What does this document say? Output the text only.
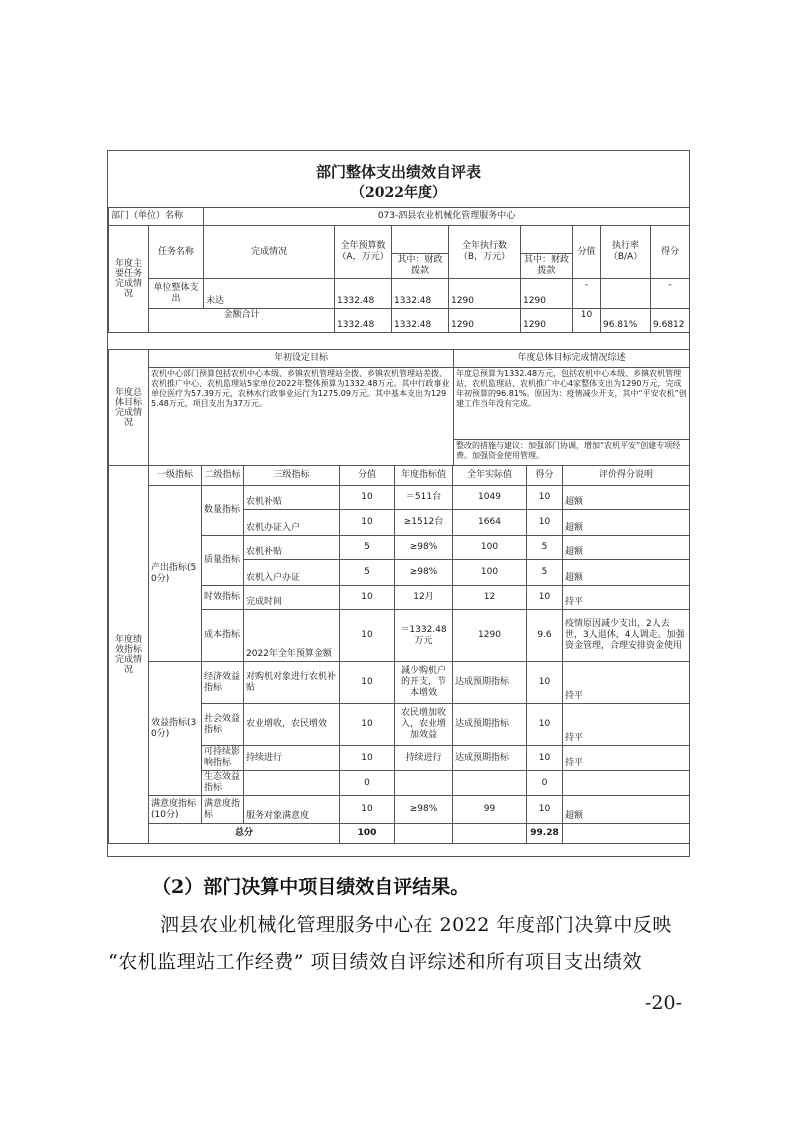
部门整体支出绩效自评表
（2022年度）
部门（单位）名称		073-泗县农业机械化管理服务中心							
年度主要任务完成情况	任务名称	完成情况	全年预算数（A，万元）		全年执行数（B，万元）		分值	执行率（B/A）	得分
				其中：财政拨款		其中：财政拨款			
	单位整体支出	未达	1332.48	1332.48	1290	1290	-		-
	金额合计		1332.48	1332.48	1290	1290	10	96.81%	9.6812
年度总体目标完成情况	年初设定目标	年度总体目标完成情况综述
	农机中心部门预算包括农机中心本级、乡镇农机管理站全拨、乡镇农机管理站差拨、农机推广中心、农机监理站5家单位2022年整体预算为1332.48万元。其中行政事业单位医疗为57.39万元，农林水行政事业运行为1275.09万元。其中基本支出为1295.48万元，项目支出为37万元。	年度总预算为1332.48万元，包括农机中心本级、乡镇农机管理站、农机监理站、农机推广中心4家整体支出为1290万元，完成年初预算的96.81%。原因为：疫情减少开支，其中“平安农机”创建工作当年没有完成。
		整改的措施与建议：加强部门协调，增加“农机平安”创建专项经费。加强资金使用管理。
年度绩效指标完成情况	一级指标	二级指标	三级指标	分值	年度指标值	全年实际值	得分	评价得分说明
	产出指标(50分)	数量指标	农机补贴	10	＝511台	1049	10	超额
			农机办证入户	10	≥1512台	1664	10	超额
		质量指标	农机补贴	5	≥98%	100	5	超额
			农机入户办证	5	≥98%	100	5	超额
		时效指标	完成时间	10	12月	12	10	持平
		成本指标	2022年全年预算金额	10	＝1332.48万元	1290	9.6	疫情原因减少支出，2人去世，3人退休，4人调走。加强资金管理，合理安排资金使用
	效益指标(30分)	经济效益指标	对购机对象进行农机补贴	10	减少购机户的开支，节本增效	达成预期指标	10	持平
		社会效益指标	农业增收，农民增效	10	农民增加收入，农业增加效益	达成预期指标	10	持平
		可持续影响指标	持续进行	10	持续进行	达成预期指标	10	持平
		生态效益指标		0			0	
	满意度指标(10分)	满意度指标	服务对象满意度	10	≥98%	99	10	超额
	总分			100			99.28	
（2）部门决算中项目绩效自评结果。
泗县农业机械化管理服务中心在 2022 年度部门决算中反映
“农机监理站工作经费” 项目绩效自评综述和所有项目支出绩效
-20-
